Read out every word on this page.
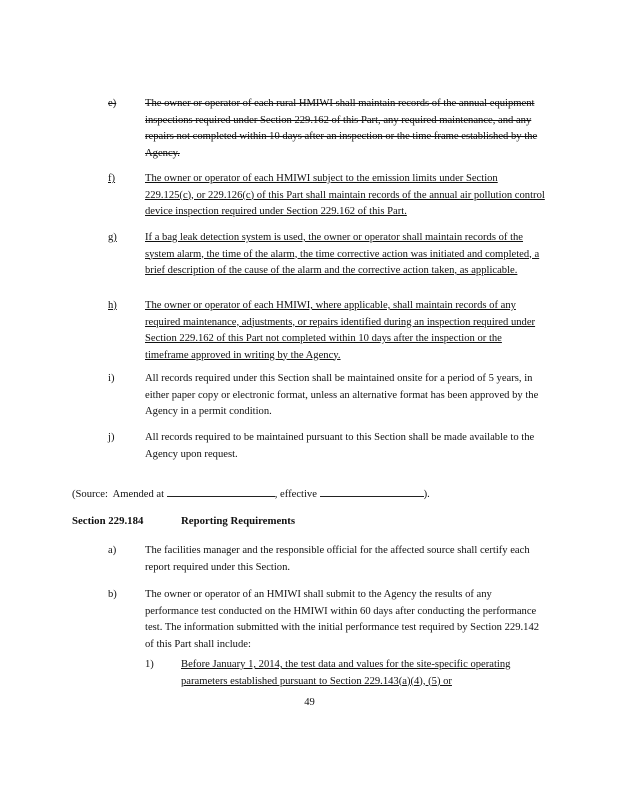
e)	The owner or operator of each rural HMIWI shall maintain records of the annual equipment inspections required under Section 229.162 of this Part, any required maintenance, and any repairs not completed within 10 days after an inspection or the time frame established by the Agency.
f)	The owner or operator of each HMIWI subject to the emission limits under Section 229.125(c), or 229.126(c) of this Part shall maintain records of the annual air pollution control device inspection required under Section 229.162 of this Part.
g)	If a bag leak detection system is used, the owner or operator shall maintain records of the system alarm, the time of the alarm, the time corrective action was initiated and completed, a brief description of the cause of the alarm and the corrective action taken, as applicable.
h)	The owner or operator of each HMIWI, where applicable, shall maintain records of any required maintenance, adjustments, or repairs identified during an inspection required under Section 229.162 of this Part not completed within 10 days after the inspection or the timeframe approved in writing by the Agency.
i)	All records required under this Section shall be maintained onsite for a period of 5 years, in either paper copy or electronic format, unless an alternative format has been approved by the Agency in a permit condition.
j)	All records required to be maintained pursuant to this Section shall be made available to the Agency upon request.
(Source:  Amended at	, effective	).
Section 229.184	Reporting Requirements
a)	The facilities manager and the responsible official for the affected source shall certify each report required under this Section.
b)	The owner or operator of an HMIWI shall submit to the Agency the results of any performance test conducted on the HMIWI within 60 days after conducting the performance test. The information submitted with the initial performance test required by Section 229.142 of this Part shall include:
1)	Before January 1, 2014, the test data and values for the site-specific operating parameters established pursuant to Section 229.143(a)(4), (5) or
49
